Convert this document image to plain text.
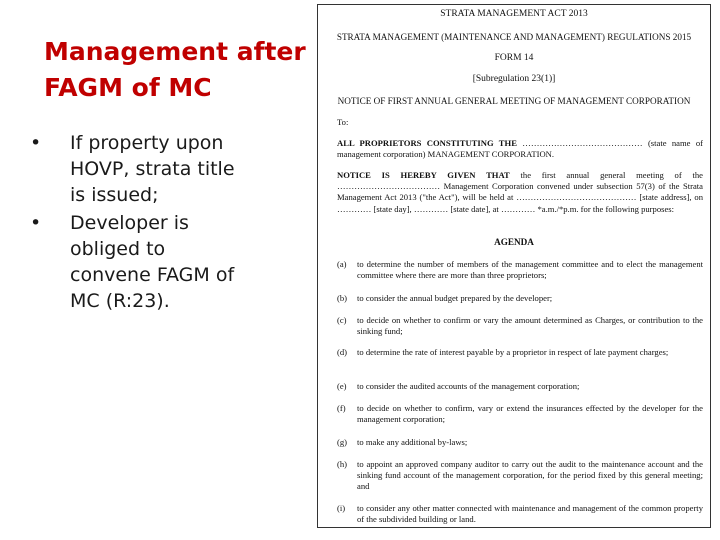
Management after FAGM of MC
• If property upon HOVP, strata title is issued;
• Developer is obliged to convene FAGM of MC (R:23).
STRATA MANAGEMENT ACT 2013
STRATA MANAGEMENT (MAINTENANCE AND MANAGEMENT) REGULATIONS 2015
FORM 14
[Subregulation 23(1)]
NOTICE OF FIRST ANNUAL GENERAL MEETING OF MANAGEMENT CORPORATION
To:
ALL PROPRIETORS CONSTITUTING THE …………………………………… (state name of management corporation) MANAGEMENT CORPORATION.
NOTICE IS HEREBY GIVEN THAT the first annual general meeting of the ……………………………… Management Corporation convened under subsection 57(3) of the Strata Management Act 2013 ("the Act"), will be held at …………………………………… [state address], on ………… [state day], ………… [state date], at ………… *a.m./*p.m. for the following purposes:
AGENDA
(a) to determine the number of members of the management committee and to elect the management committee where there are more than three proprietors;
(b) to consider the annual budget prepared by the developer;
(c) to decide on whether to confirm or vary the amount determined as Charges, or contribution to the sinking fund;
(d) to determine the rate of interest payable by a proprietor in respect of late payment charges;
(e) to consider the audited accounts of the management corporation;
(f) to decide on whether to confirm, vary or extend the insurances effected by the developer for the management corporation;
(g) to make any additional by-laws;
(h) to appoint an approved company auditor to carry out the audit to the maintenance account and the sinking fund account of the management corporation, for the period fixed by this general meeting; and
(i) to consider any other matter connected with maintenance and management of the common property of the subdivided building or land.
